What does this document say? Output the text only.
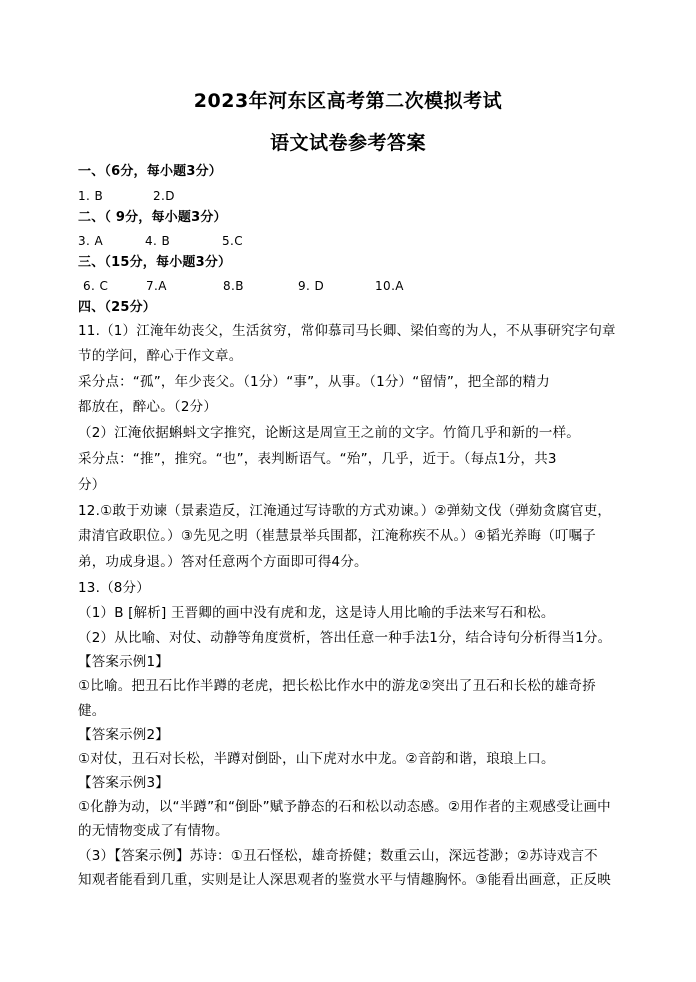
2023年河东区高考第二次模拟考试
语文试卷参考答案
一、（6分，每小题3分）
1. B	2.D
二、（ 9分，每小题3分）
3. A	4. B	5.C
三、（15分，每小题3分）
6. C	7.A	8.B	9. D	10.A
四、（25分）
11.（1）江淹年幼丧父，生活贫穷，常仰慕司马长卿、梁伯鸾的为人，不从事研究字句章
节的学问，醉心于作文章。
采分点：“孤”，年少丧父。（1分）“事”，从事。（1分）“留情”，把全部的精力
都放在，醉心。（2分）
（2）江淹依据蝌蚪文字推究，论断这是周宣王之前的文字。竹简几乎和新的一样。
采分点：“推”，推究。“也”，表判断语气。“殆”，几乎，近于。（每点1分，共3
分）
12.①敢于劝谏（景素造反，江淹通过写诗歌的方式劝谏。）②弹劾文伐（弹劾贪腐官吏，
肃清官政职位。）③先见之明（崔慧景举兵围都，江淹称疾不从。）④韬光养晦（叮嘱子
弟，功成身退。）答对任意两个方面即可得4分。
13.（8分）
（1）B [解析] 王晋卿的画中没有虎和龙，这是诗人用比喻的手法来写石和松。
（2）从比喻、对仗、动静等角度赏析，答出任意一种手法1分，结合诗句分析得当1分。
【答案示例1】
①比喻。把丑石比作半蹲的老虎，把长松比作水中的游龙②突出了丑石和长松的雄奇挢
健。
【答案示例2】
①对仗，丑石对长松，半蹲对倒卧，山下虎对水中龙。②音韵和谐，琅琅上口。
【答案示例3】
①化静为动，以“半蹲”和“倒卧”赋予静态的石和松以动态感。②用作者的主观感受让画中
的无情物变成了有情物。
（3）【答案示例】苏诗：①丑石怪松，雄奇挢健；数重云山，深远苍渺；②苏诗戏言不
知观者能看到几重，实则是让人深思观者的鉴赏水平与情趣胸怀。③能看出画意，正反映
